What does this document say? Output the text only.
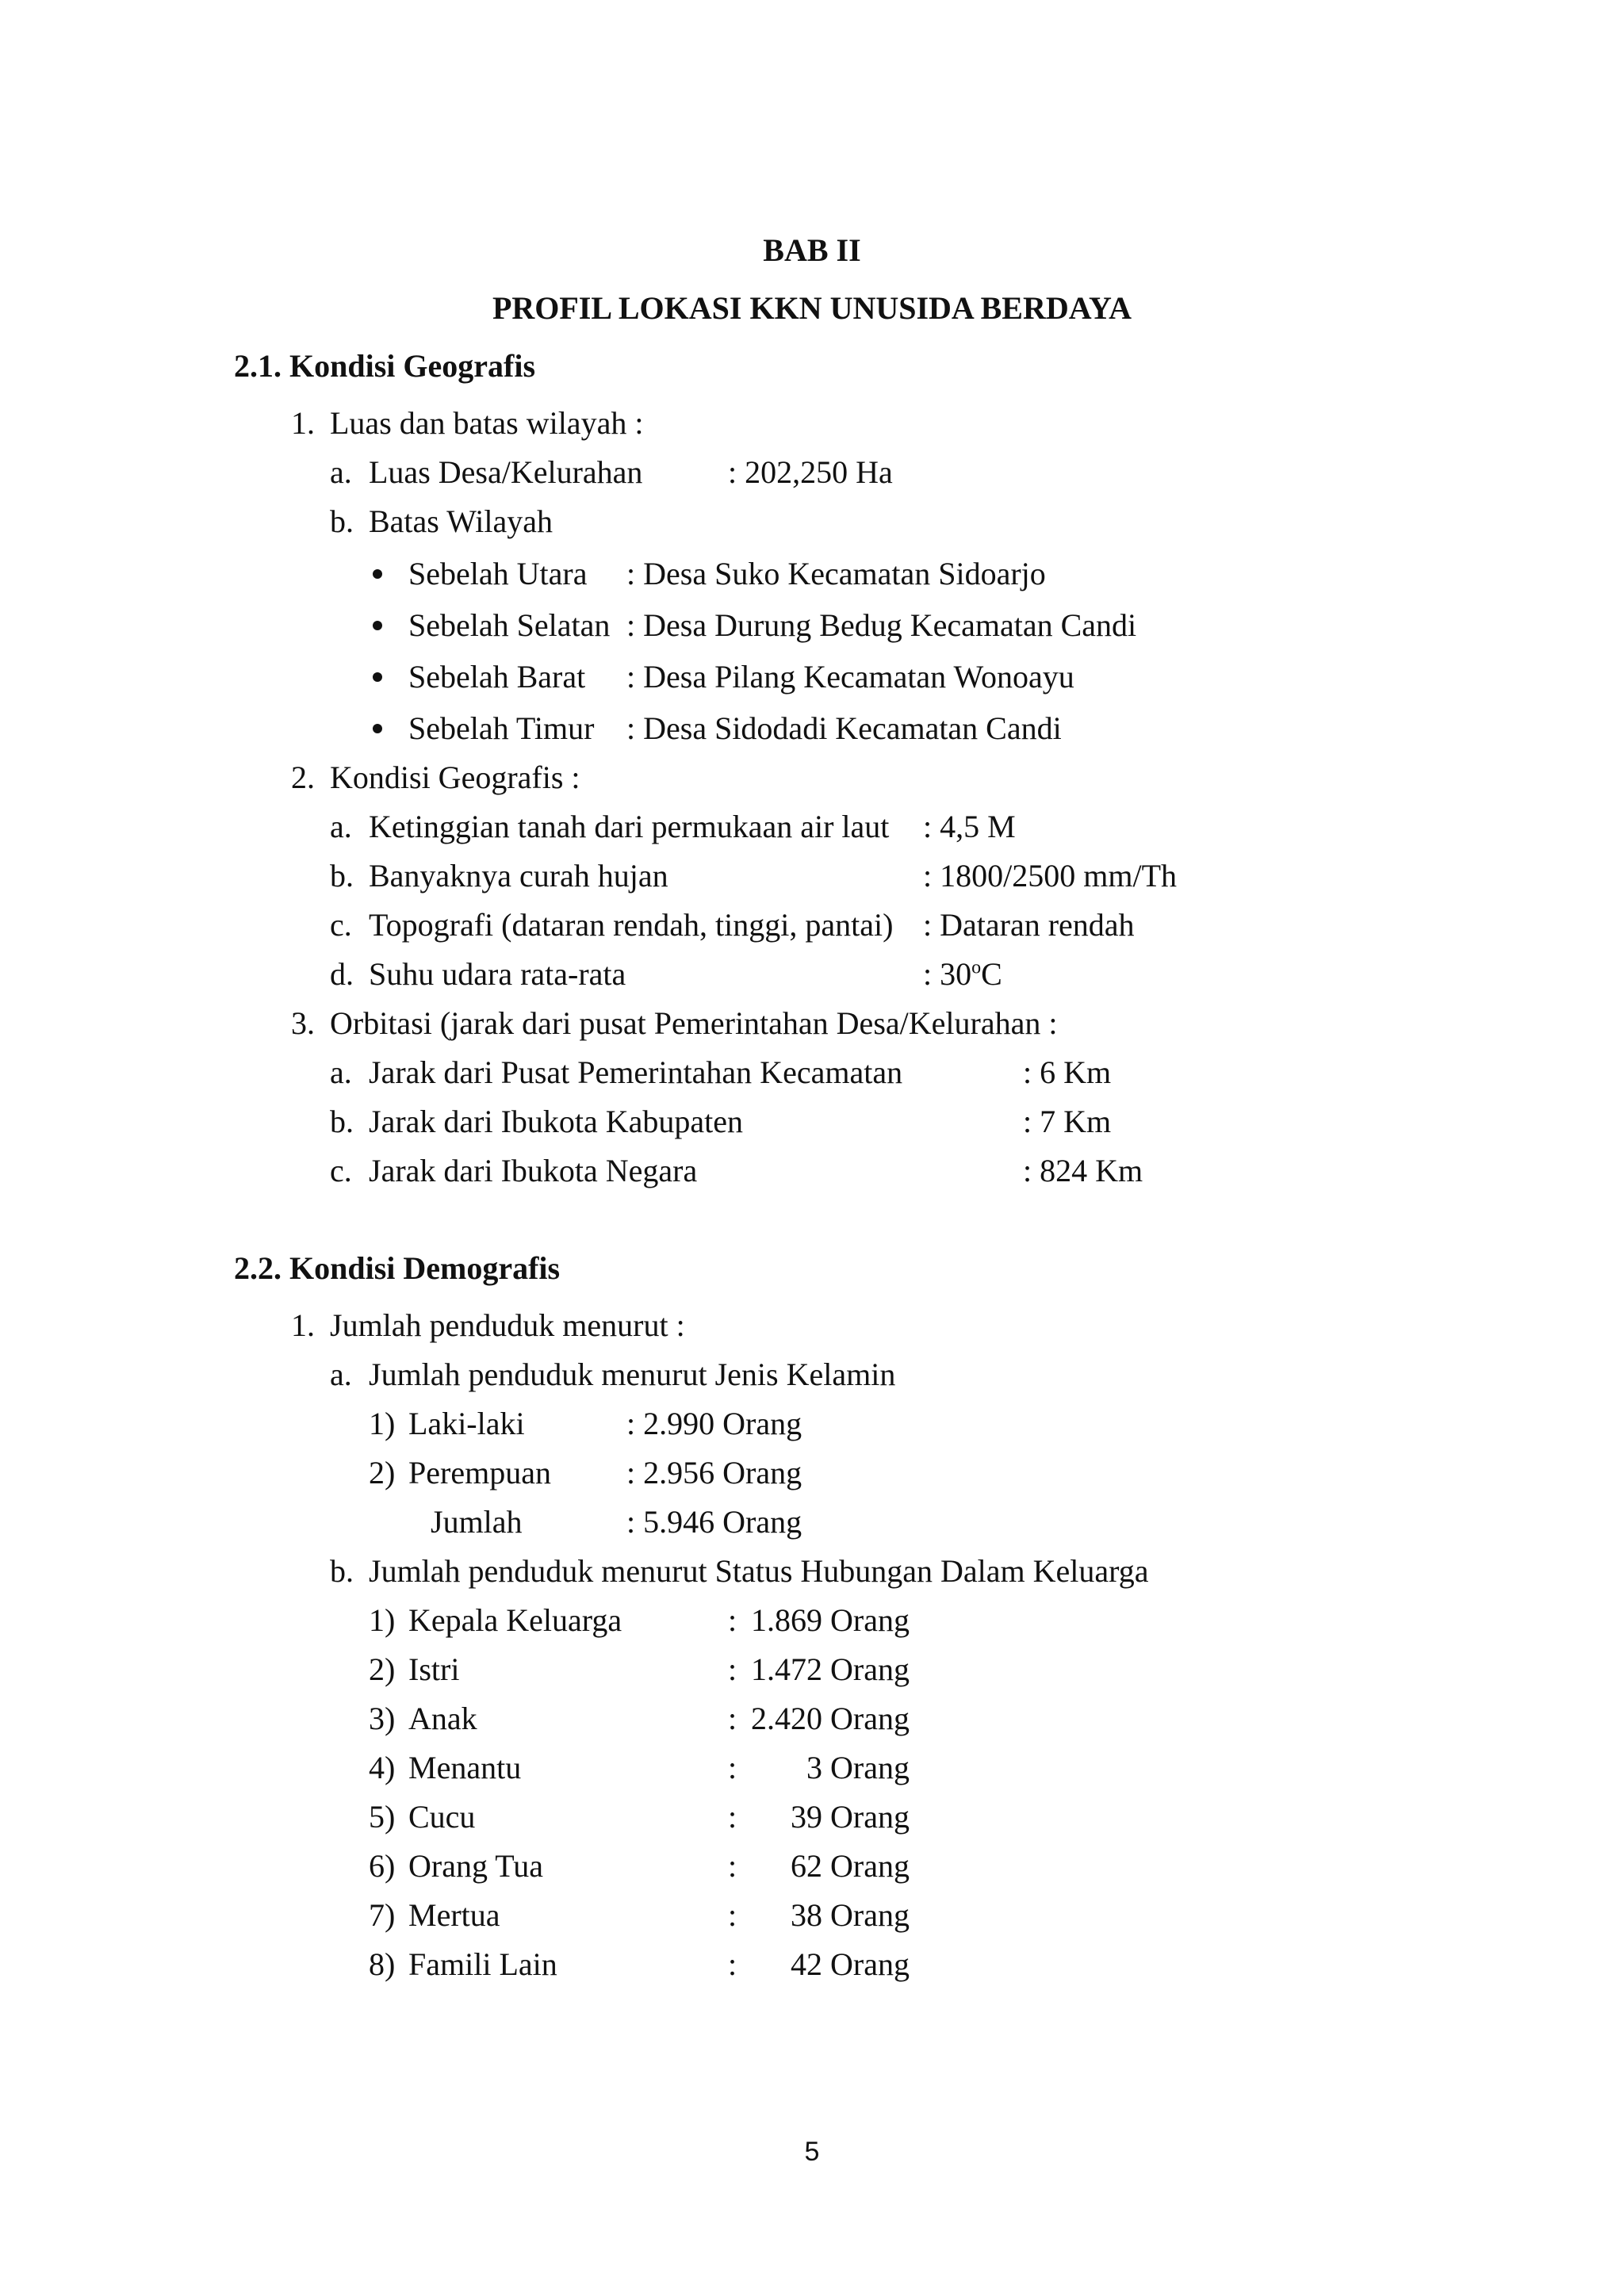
BAB II
PROFIL LOKASI KKN UNUSIDA BERDAYA
2.1. Kondisi Geografis
1. Luas dan batas wilayah :
a. Luas Desa/Kelurahan	: 202,250 Ha
b. Batas Wilayah
Sebelah Utara : Desa Suko Kecamatan Sidoarjo
Sebelah Selatan : Desa Durung Bedug Kecamatan Candi
Sebelah Barat : Desa Pilang Kecamatan Wonoayu
Sebelah Timur : Desa Sidodadi Kecamatan Candi
2. Kondisi Geografis :
a. Ketinggian tanah dari permukaan air laut : 4,5 M
b. Banyaknya curah hujan	: 1800/2500 mm/Th
c. Topografi (dataran rendah, tinggi, pantai) : Dataran rendah
d. Suhu udara rata-rata	: 30$^o$C
3. Orbitasi (jarak dari pusat Pemerintahan Desa/Kelurahan :
a. Jarak dari Pusat Pemerintahan Kecamatan	: 6 Km
b. Jarak dari Ibukota Kabupaten	: 7 Km
c. Jarak dari Ibukota Negara	: 824 Km
2.2. Kondisi Demografis
1. Jumlah penduduk menurut :
a. Jumlah penduduk menurut Jenis Kelamin
1) Laki-laki	: 2.990 Orang
2) Perempuan : 2.956 Orang
Jumlah	: 5.946 Orang
b. Jumlah penduduk menurut Status Hubungan Dalam Keluarga
1) Kepala Keluarga	: 1.869 Orang
2) Istri	: 1.472 Orang
3) Anak	: 2.420 Orang
4) Menantu	:	3 Orang
5) Cucu	:	39 Orang
6) Orang Tua	:	62 Orang
7) Mertua	:	38 Orang
8) Famili Lain	:	42 Orang
5
